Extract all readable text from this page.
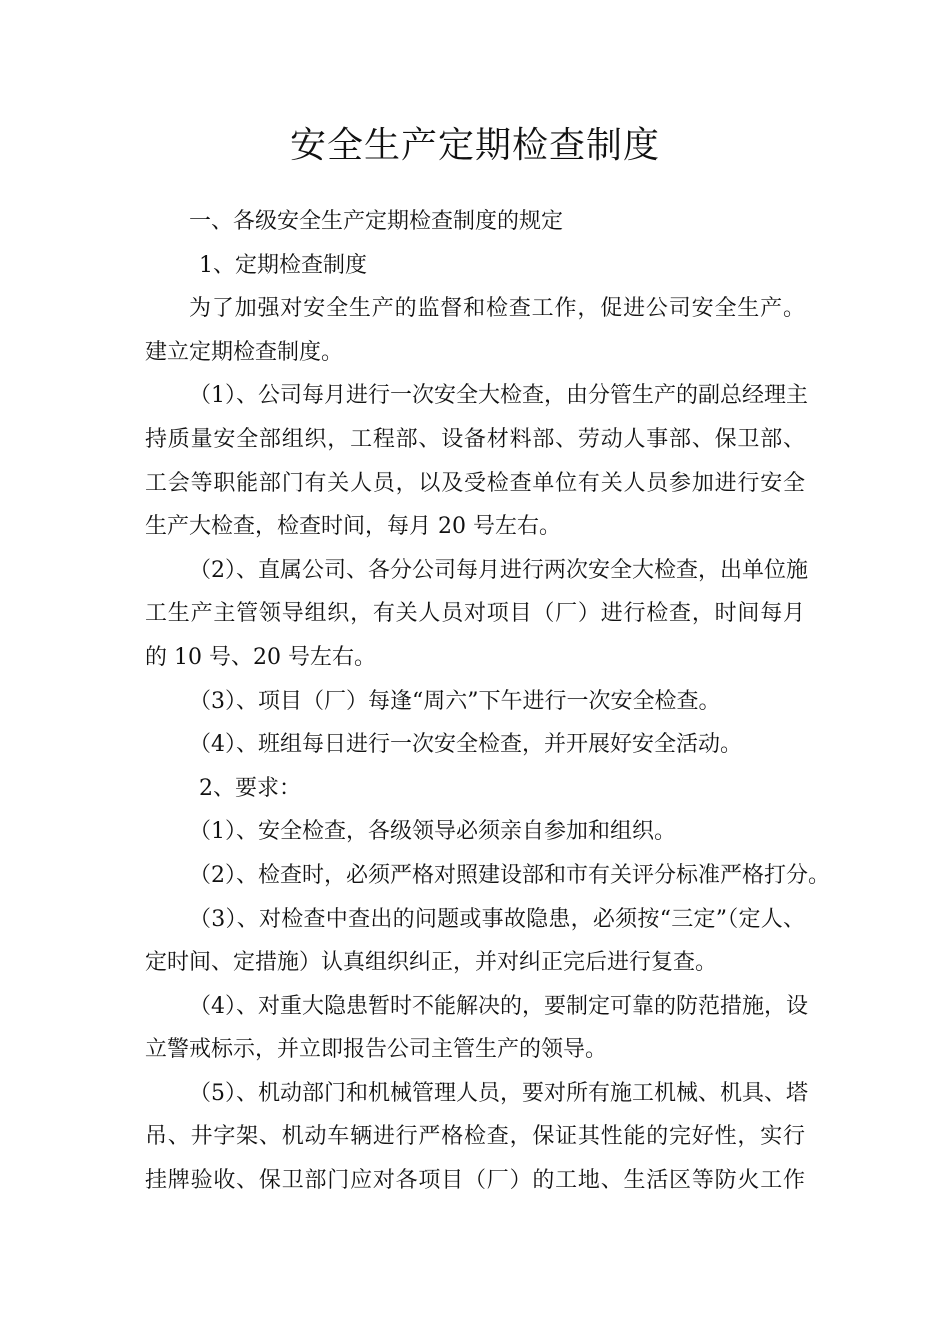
安全生产定期检查制度

一、各级安全生产定期检查制度的规定

1、定期检查制度

为了加强对安全生产的监督和检查工作，促进公司安全生产。

建立定期检查制度。

（1）、公司每月进行一次安全大检查，由分管生产的副总经理主

持质量安全部组织，工程部、设备材料部、劳动人事部、保卫部、

工会等职能部门有关人员，以及受检查单位有关人员参加进行安全

生产大检查，检查时间，每月 20 号左右。

（2）、直属公司、各分公司每月进行两次安全大检查，出单位施

工生产主管领导组织，有关人员对项目（厂）进行检查，时间每月

的 10 号、20 号左右。

（3）、项目（厂）每逢“周六”下午进行一次安全检查。

（4）、班组每日进行一次安全检查，并开展好安全活动。

2、要求：

（1）、安全检查，各级领导必须亲自参加和组织。

（2）、检查时，必须严格对照建设部和市有关评分标准严格打分。

（3）、对检查中查出的问题或事故隐患，必须按“三定”（定人、

定时间、定措施）认真组织纠正，并对纠正完后进行复查。

（4）、对重大隐患暂时不能解决的，要制定可靠的防范措施，设

立警戒标示，并立即报告公司主管生产的领导。

（5）、机动部门和机械管理人员，要对所有施工机械、机具、塔

吊、井字架、机动车辆进行严格检查，保证其性能的完好性，实行

挂牌验收、保卫部门应对各项目（厂）的工地、生活区等防火工作
